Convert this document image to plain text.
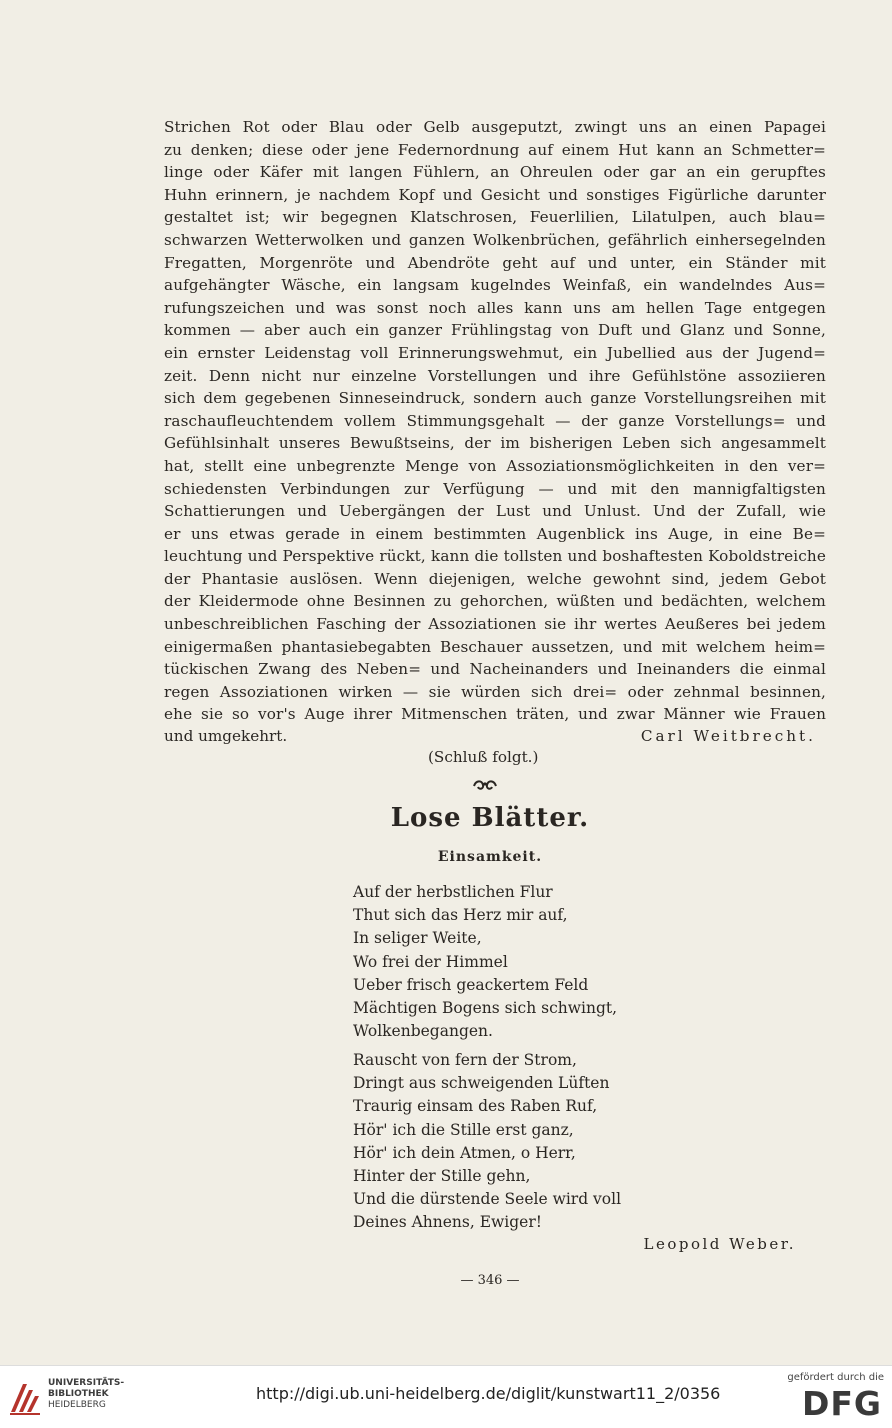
Strichen Rot oder Blau oder Gelb ausgeputzt, zwingt uns an einen Papagei
zu denken; diese oder jene Federnordnung auf einem Hut kann an Schmetter=
linge oder Käfer mit langen Fühlern, an Ohreulen oder gar an ein gerupftes
Huhn erinnern, je nachdem Kopf und Gesicht und sonstiges Figürliche darunter
gestaltet ist; wir begegnen Klatschrosen, Feuerlilien, Lilatulpen, auch blau=
schwarzen Wetterwolken und ganzen Wolkenbrüchen, gefährlich einhersegelnden
Fregatten, Morgenröte und Abendröte geht auf und unter, ein Ständer mit
aufgehängter Wäsche, ein langsam kugelndes Weinfaß, ein wandelndes Aus=
rufungszeichen und was sonst noch alles kann uns am hellen Tage entgegen
kommen — aber auch ein ganzer Frühlingstag von Duft und Glanz und Sonne,
ein ernster Leidenstag voll Erinnerungswehmut, ein Jubellied aus der Jugend=
zeit. Denn nicht nur einzelne Vorstellungen und ihre Gefühlstöne assoziieren
sich dem gegebenen Sinneseindruck, sondern auch ganze Vorstellungsreihen mit
raschaufleuchtendem vollem Stimmungsgehalt — der ganze Vorstellungs= und
Gefühlsinhalt unseres Bewußtseins, der im bisherigen Leben sich angesammelt
hat, stellt eine unbegrenzte Menge von Assoziationsmöglichkeiten in den ver=
schiedensten Verbindungen zur Verfügung — und mit den mannigfaltigsten
Schattierungen und Uebergängen der Lust und Unlust. Und der Zufall, wie
er uns etwas gerade in einem bestimmten Augenblick ins Auge, in eine Be=
leuchtung und Perspektive rückt, kann die tollsten und boshaftesten Koboldstreiche
der Phantasie auslösen. Wenn diejenigen, welche gewohnt sind, jedem Gebot
der Kleidermode ohne Besinnen zu gehorchen, wüßten und bedächten, welchem
unbeschreiblichen Fasching der Assoziationen sie ihr wertes Aeußeres bei jedem
einigermaßen phantasiebegabten Beschauer aussetzen, und mit welchem heim=
tückischen Zwang des Neben= und Nacheinanders und Ineinanders die einmal
regen Assoziationen wirken — sie würden sich drei= oder zehnmal besinnen,
ehe sie so vor's Auge ihrer Mitmenschen träten, und zwar Männer wie Frauen
und umgekehrt.	Carl Weitbrecht.
(Schluß folgt.)
Lose Blätter.
Einsamkeit.
Auf der herbstlichen Flur
Thut sich das Herz mir auf,
In seliger Weite,
Wo frei der Himmel
Ueber frisch geackertem Feld
Mächtigen Bogens sich schwingt,
Wolkenbegangen.
Rauscht von fern der Strom,
Dringt aus schweigenden Lüften
Traurig einsam des Raben Ruf,
Hör' ich die Stille erst ganz,
Hör' ich dein Atmen, o Herr,
Hinter der Stille gehn,
Und die dürstende Seele wird voll
Deines Ahnens, Ewiger!
Leopold Weber.
— 346 —
UNIVERSITÄTS-
BIBLIOTHEK
HEIDELBERG
http://digi.ub.uni-heidelberg.de/diglit/kunstwart11_2/0356
gefördert durch die
DFG
